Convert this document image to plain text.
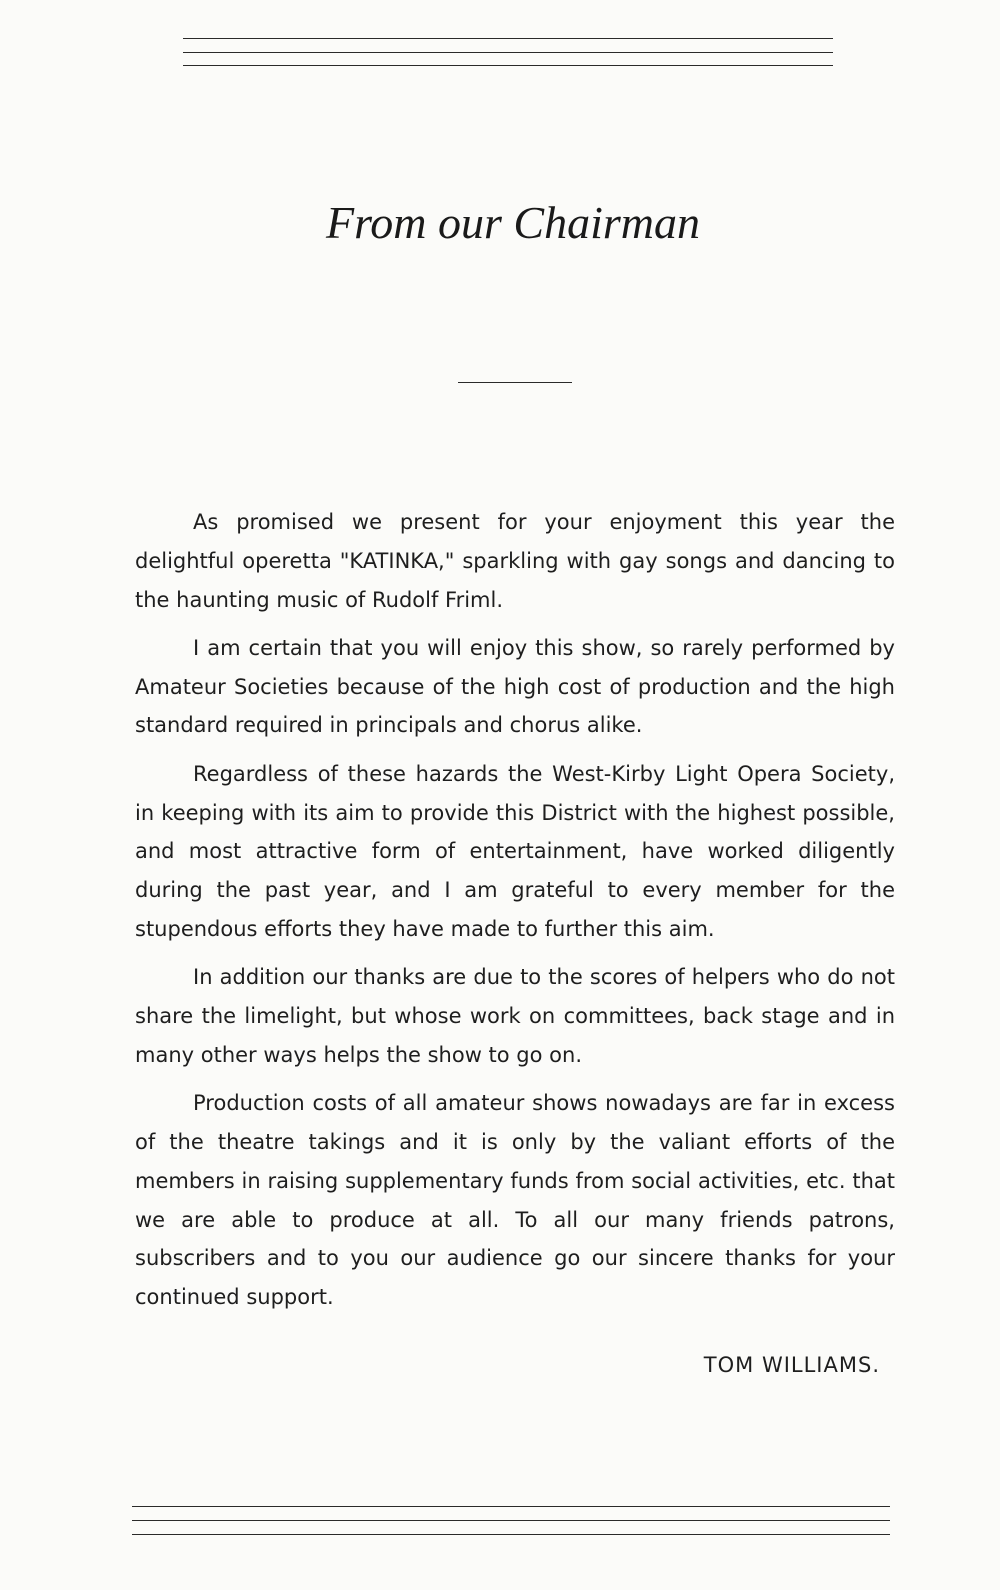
From our Chairman

As promised we present for your enjoyment this year the delightful operetta "KATINKA," sparkling with gay songs and dancing to the haunting music of Rudolf Friml.

I am certain that you will enjoy this show, so rarely performed by Amateur Societies because of the high cost of production and the high standard required in principals and chorus alike.

Regardless of these hazards the West-Kirby Light Opera Society, in keeping with its aim to provide this District with the highest possible, and most attractive form of entertainment, have worked diligently during the past year, and I am grateful to every member for the stupendous efforts they have made to further this aim.

In addition our thanks are due to the scores of helpers who do not share the limelight, but whose work on committees, back stage and in many other ways helps the show to go on.

Production costs of all amateur shows nowadays are far in excess of the theatre takings and it is only by the valiant efforts of the members in raising supplementary funds from social activities, etc. that we are able to produce at all. To all our many friends patrons, subscribers and to you our audience go our sincere thanks for your continued support.

TOM WILLIAMS.
